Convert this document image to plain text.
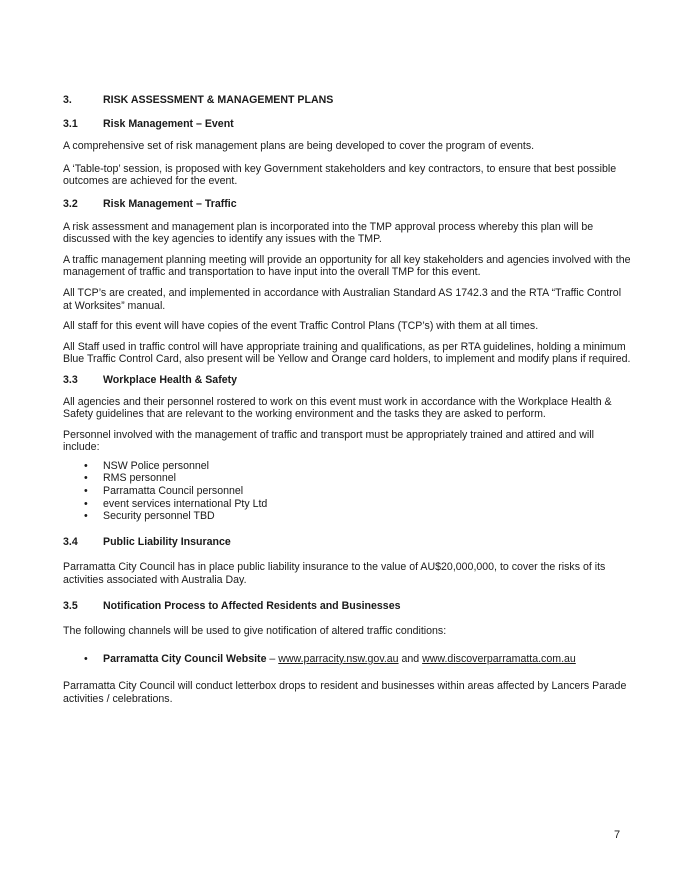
3.	RISK ASSESSMENT & MANAGEMENT PLANS
3.1	Risk Management – Event

A comprehensive set of risk management plans are being developed to cover the program of events.

A ‘Table-top’ session, is proposed with key Government stakeholders and key contractors, to ensure that best possible outcomes are achieved for the event.

3.2	Risk Management – Traffic

A risk assessment and management plan is incorporated into the TMP approval process whereby this plan will be discussed with the key agencies to identify any issues with the TMP.

A traffic management planning meeting will provide an opportunity for all key stakeholders and agencies involved with the management of traffic and transportation to have input into the overall TMP for this event.

All TCP’s are created, and implemented in accordance with Australian Standard AS 1742.3 and the RTA “Traffic Control at Worksites” manual.

All staff for this event will have copies of the event Traffic Control Plans (TCP’s) with them at all times.

All Staff used in traffic control will have appropriate training and qualifications, as per RTA guidelines, holding a minimum Blue Traffic Control Card, also present will be Yellow and Orange card holders, to implement and modify plans if required.

3.3	Workplace Health & Safety

All agencies and their personnel rostered to work on this event must work in accordance with the Workplace Health & Safety guidelines that are relevant to the working environment and the tasks they are asked to perform.

Personnel involved with the management of traffic and transport must be appropriately trained and attired and will include:

• NSW Police personnel
• RMS personnel
• Parramatta Council personnel
• event services international Pty Ltd
• Security personnel TBD
3.4	Public Liability Insurance

Parramatta City Council has in place public liability insurance to the value of AU$20,000,000, to cover the risks of its activities associated with Australia Day.

3.5	Notification Process to Affected Residents and Businesses

The following channels will be used to give notification of altered traffic conditions:

• Parramatta City Council Website – www.parracity.nsw.gov.au and www.discoverparramatta.com.au

Parramatta City Council will conduct letterbox drops to resident and businesses within areas affected by Lancers Parade activities / celebrations.

7
